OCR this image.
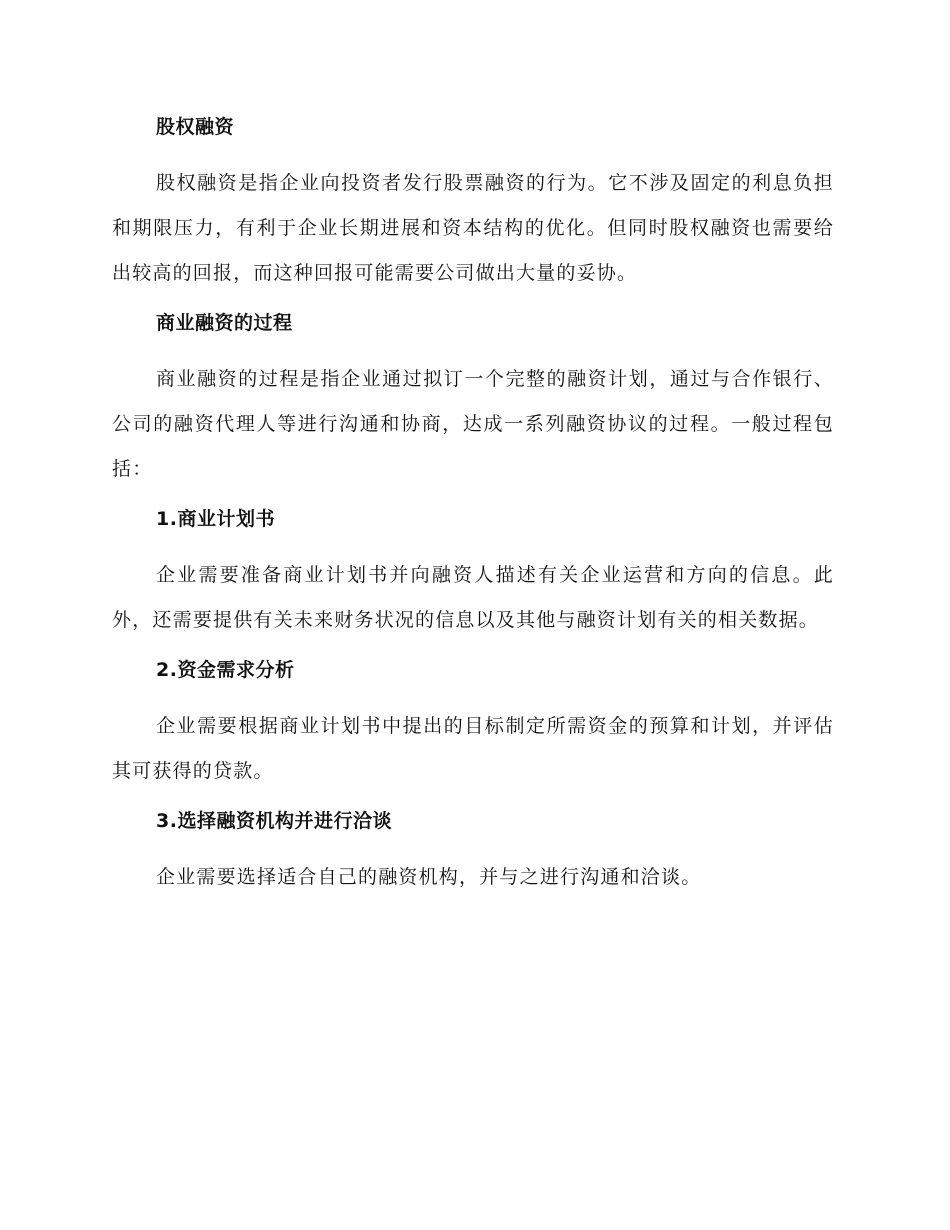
股权融资

股权融资是指企业向投资者发行股票融资的行为。它不涉及固定的利息负担和期限压力，有利于企业长期进展和资本结构的优化。但同时股权融资也需要给出较高的回报，而这种回报可能需要公司做出大量的妥协。

商业融资的过程

商业融资的过程是指企业通过拟订一个完整的融资计划，通过与合作银行、公司的融资代理人等进行沟通和协商，达成一系列融资协议的过程。一般过程包括：

1.商业计划书

企业需要准备商业计划书并向融资人描述有关企业运营和方向的信息。此外，还需要提供有关未来财务状况的信息以及其他与融资计划有关的相关数据。

2.资金需求分析

企业需要根据商业计划书中提出的目标制定所需资金的预算和计划，并评估其可获得的贷款。

3.选择融资机构并进行洽谈

企业需要选择适合自己的融资机构，并与之进行沟通和洽谈。
